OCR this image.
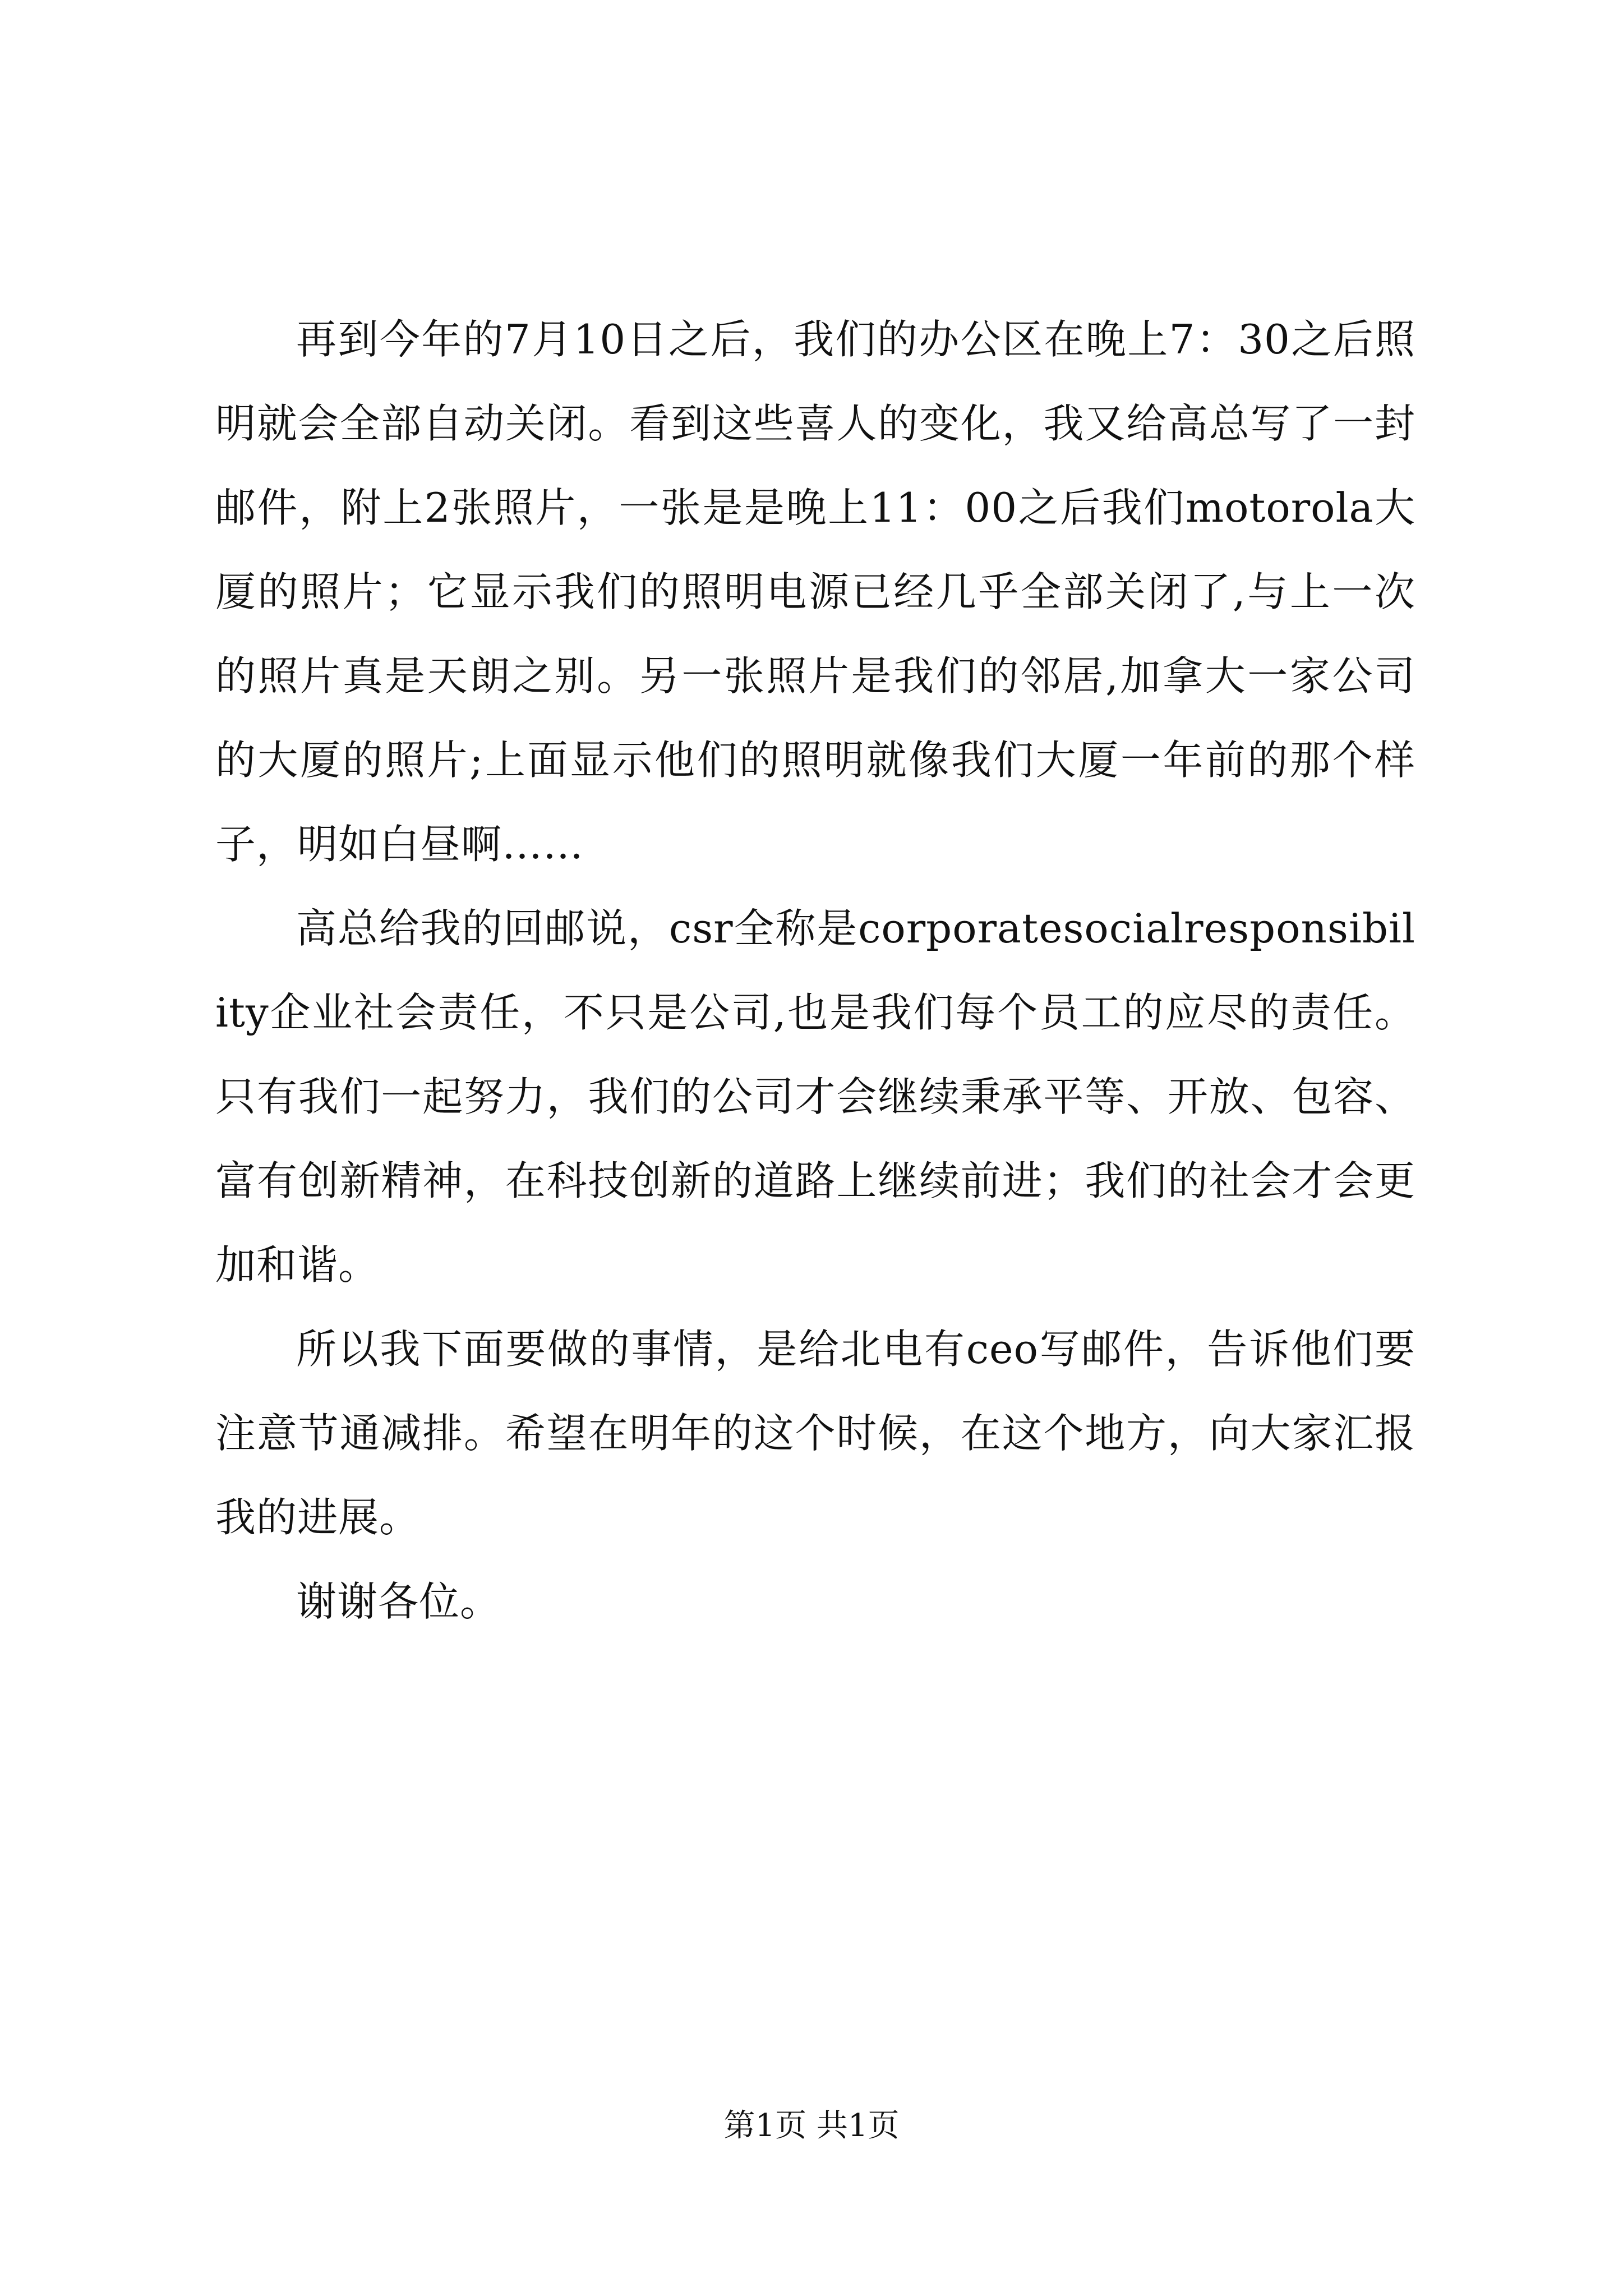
再到今年的7月10日之后，我们的办公区在晚上7：30之后照明就会全部自动关闭。看到这些喜人的变化，我又给高总写了一封邮件，附上2张照片，一张是是晚上11：00之后我们motorola大厦的照片；它显示我们的照明电源已经几乎全部关闭了,与上一次的照片真是天朗之别。另一张照片是我们的邻居,加拿大一家公司的大厦的照片;上面显示他们的照明就像我们大厦一年前的那个样子，明如白昼啊……

高总给我的回邮说，csr全称是corporatesocialresponsibility企业社会责任，不只是公司,也是我们每个员工的应尽的责任。只有我们一起努力，我们的公司才会继续秉承平等、开放、包容、富有创新精神，在科技创新的道路上继续前进；我们的社会才会更加和谐。

所以我下面要做的事情，是给北电有ceo写邮件，告诉他们要注意节通减排。希望在明年的这个时候，在这个地方，向大家汇报我的进展。

谢谢各位。

第1页 共1页
